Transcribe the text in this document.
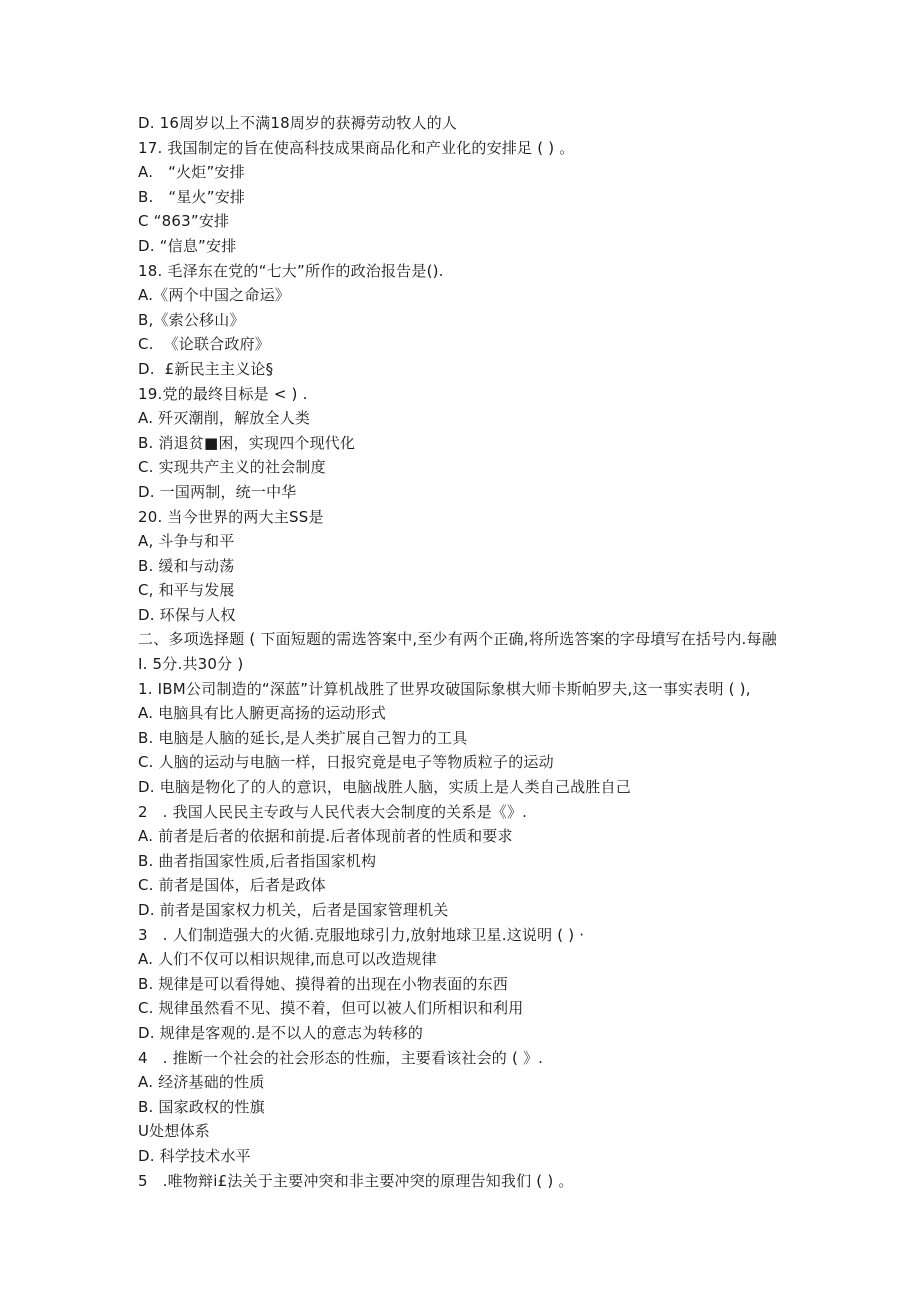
D. 16周岁以上不满18周岁的获褥劳动牧人的人
17. 我国制定的旨在使高科技成果商品化和产业化的安排足 ( ) 。
A.   “火炬”安排
B.   “星火”安排
C “863”安排
D. “信息”安排
18. 毛泽东在党的“七大”所作的政治报告是().
A.《两个中国之命运》
B,《索公移山》
C.  《论联合政府》
D.  £新民主主义论§
19.党的最终目标是 < ) .
A. 歼灭潮削，解放全人类
B. 消退贫■困，实现四个现代化
C. 实现共产主义的社会制度
D. 一国两制，统一中华
20. 当今世界的两大主SS是
A, 斗争与和平
B. 缓和与动荡
C, 和平与发展
D. 环保与人权
二、多项选择题 ( 下面短题的需选答案中,至少有两个正确,将所选答案的字母墳写在括号内.每融
I. 5分.共30分 )
1. IBM公司制造的“深蓝”计算机战胜了世界攻破国际象棋大师卡斯帕罗夫,这一事实表明 ( ),
A. 电脑具有比人腑更高扬的运动形式
B. 电脑是人脑的延长,是人类扩展自己智力的工具
C. 人脑的运动与电脑一样，日报究竟是电子等物质粒子的运动
D. 电脑是物化了的人的意识，电脑战胜人脑，实质上是人类自己战胜自己
2   . 我国人民民主专政与人民代表大会制度的关系是《》.
A. 前者是后者的依据和前提.后者体现前者的性质和要求
B. 曲者指国家性质,后者指国家机构
C. 前者是国体，后者是政体
D. 前者是国家权力机关，后者是国家管理机关
3   . 人们制造强大的火循.克服地球引力,放射地球卫星.这说明 ( ) ·
A. 人们不仅可以相识规律,而息可以改造规律
B. 规律是可以看得她、摸得着的出现在小物表面的东西
C. 规律虽然看不见、摸不着，但可以被人们所相识和利用
D. 规律是客观的.是不以人的意志为转移的
4   . 推断一个社会的社会形态的性痂，主要看该社会的 ( 》.
A. 经济基础的性质
B. 国家政权的性旗
U处想体系
D. 科学技术水平
5   .唯物辩i£法关于主要冲突和非主要冲突的原理告知我们 ( ) 。
